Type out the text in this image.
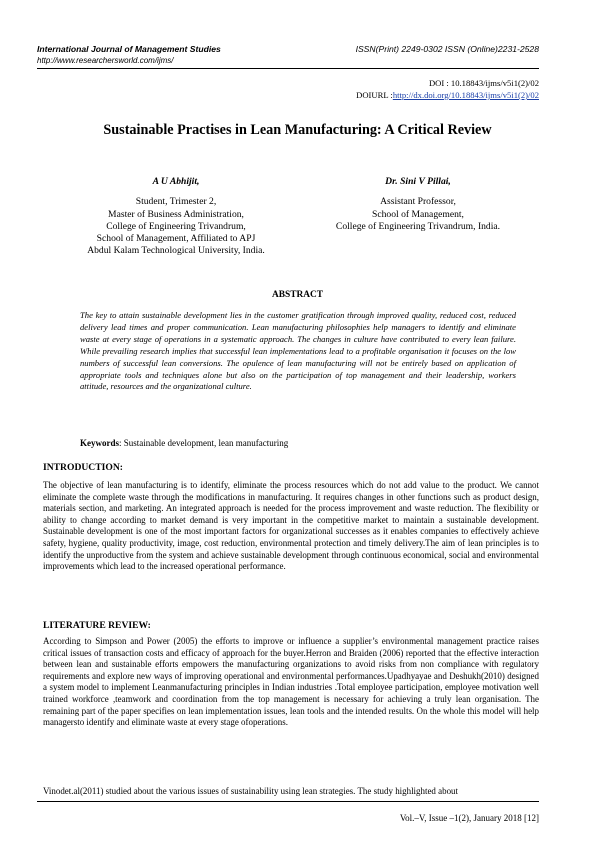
International Journal of Management Studies	ISSN(Print) 2249-0302 ISSN (Online)2231-2528
http://www.researchersworld.com/ijms/
DOI : 10.18843/ijms/v5i1(2)/02
DOIURL :http://dx.doi.org/10.18843/ijms/v5i1(2)/02
Sustainable Practises in Lean Manufacturing: A Critical Review
A U Abhijit,
Student, Trimester 2,
Master of Business Administration,
College of Engineering Trivandrum,
School of Management, Affiliated to APJ
Abdul Kalam Technological University, India.
Dr. Sini V Pillai,
Assistant Professor,
School of Management,
College of Engineering Trivandrum, India.
ABSTRACT
The key to attain sustainable development lies in the customer gratification through improved quality, reduced cost, reduced delivery lead times and proper communication. Lean manufacturing philosophies help managers to identify and eliminate waste at every stage of operations in a systematic approach. The changes in culture have contributed to every lean failure. While prevailing research implies that successful lean implementations lead to a profitable organisation it focuses on the low numbers of successful lean conversions. The opulence of lean manufacturing will not be entirely based on application of appropriate tools and techniques alone but also on the participation of top management and their leadership, workers attitude, resources and the organizational culture.
Keywords: Sustainable development, lean manufacturing
INTRODUCTION:
The objective of lean manufacturing is to identify, eliminate the process resources which do not add value to the product. We cannot eliminate the complete waste through the modifications in manufacturing. It requires changes in other functions such as product design, materials section, and marketing. An integrated approach is needed for the process improvement and waste reduction. The flexibility or ability to change according to market demand is very important in the competitive market to maintain a sustainable development. Sustainable development is one of the most important factors for organizational successes as it enables companies to effectively achieve safety, hygiene, quality productivity, image, cost reduction, environmental protection and timely delivery.The aim of lean principles is to identify the unproductive from the system and achieve sustainable development through continuous economical, social and environmental improvements which lead to the increased operational performance.
LITERATURE REVIEW:
According to Simpson and Power (2005) the efforts to improve or influence a supplier’s environmental management practice raises critical issues of transaction costs and efficacy of approach for the buyer.Herron and Braiden (2006) reported that the effective interaction between lean and sustainable efforts empowers the manufacturing organizations to avoid risks from non compliance with regulatory requirements and explore new ways of improving operational and environmental performances.Upadhyayae and Deshukh(2010) designed a system model to implement Leanmanufacturing principles in Indian industries .Total employee participation, employee motivation well trained workforce ,teamwork and coordination from the top management is necessary for achieving a truly lean organisation. The remaining part of the paper specifies on lean implementation issues, lean tools and the intended results. On the whole this model will help managersto identify and eliminate waste at every stage ofoperations.
Vinodet.al(2011) studied about the various issues of sustainability using lean strategies. The study highlighted about
Vol.–V, Issue –1(2), January 2018 [12]
